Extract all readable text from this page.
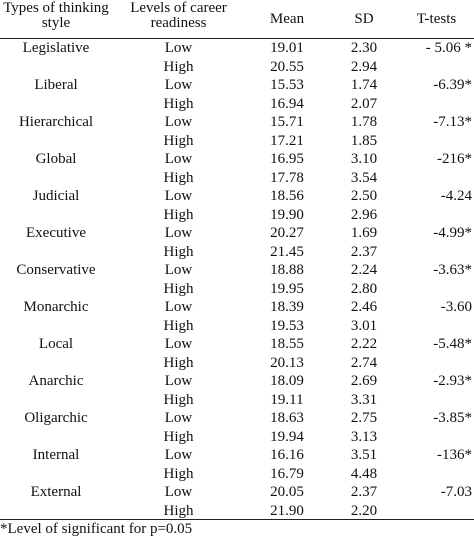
Types of thinking style	Levels of career readiness	Mean	SD	T-tests
Legislative	Low	19.01	2.30	- 5.06 *
	High	20.55	2.94	
Liberal	Low	15.53	1.74	-6.39*
	High	16.94	2.07	
Hierarchical	Low	15.71	1.78	-7.13*
	High	17.21	1.85	
Global	Low	16.95	3.10	-216*
	High	17.78	3.54	
Judicial	Low	18.56	2.50	-4.24
	High	19.90	2.96	
Executive	Low	20.27	1.69	-4.99*
	High	21.45	2.37	
Conservative	Low	18.88	2.24	-3.63*
	High	19.95	2.80	
Monarchic	Low	18.39	2.46	-3.60
	High	19.53	3.01	
Local	Low	18.55	2.22	-5.48*
	High	20.13	2.74	
Anarchic	Low	18.09	2.69	-2.93*
	High	19.11	3.31	
Oligarchic	Low	18.63	2.75	-3.85*
	High	19.94	3.13	
Internal	Low	16.16	3.51	-136*
	High	16.79	4.48	
External	Low	20.05	2.37	-7.03
	High	21.90	2.20	
*Level of significant for p=0.05
